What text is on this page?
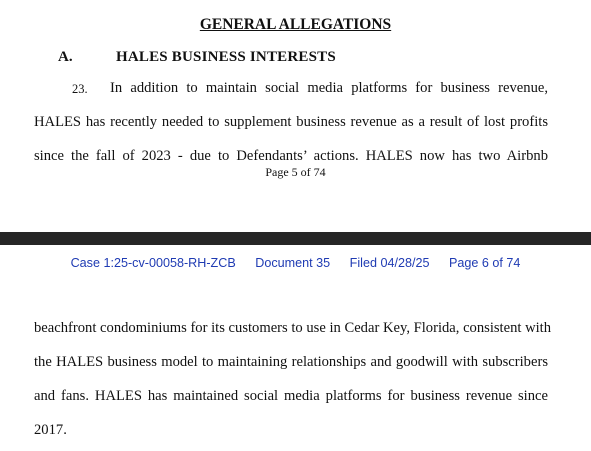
GENERAL ALLEGATIONS
A.	HALES BUSINESS INTERESTS
23. In addition to maintain social media platforms for business revenue,
HALES has recently needed to supplement business revenue as a result of lost profits
since the fall of 2023 - due to Defendants’ actions. HALES now has two Airbnb
Page 5 of 74
Case 1:25-cv-00058-RH-ZCB Document 35 Filed 04/28/25 Page 6 of 74
beachfront condominiums for its customers to use in Cedar Key, Florida, consistent with
the HALES business model to maintaining relationships and goodwill with subscribers
and fans. HALES has maintained social media platforms for business revenue since
2017.
